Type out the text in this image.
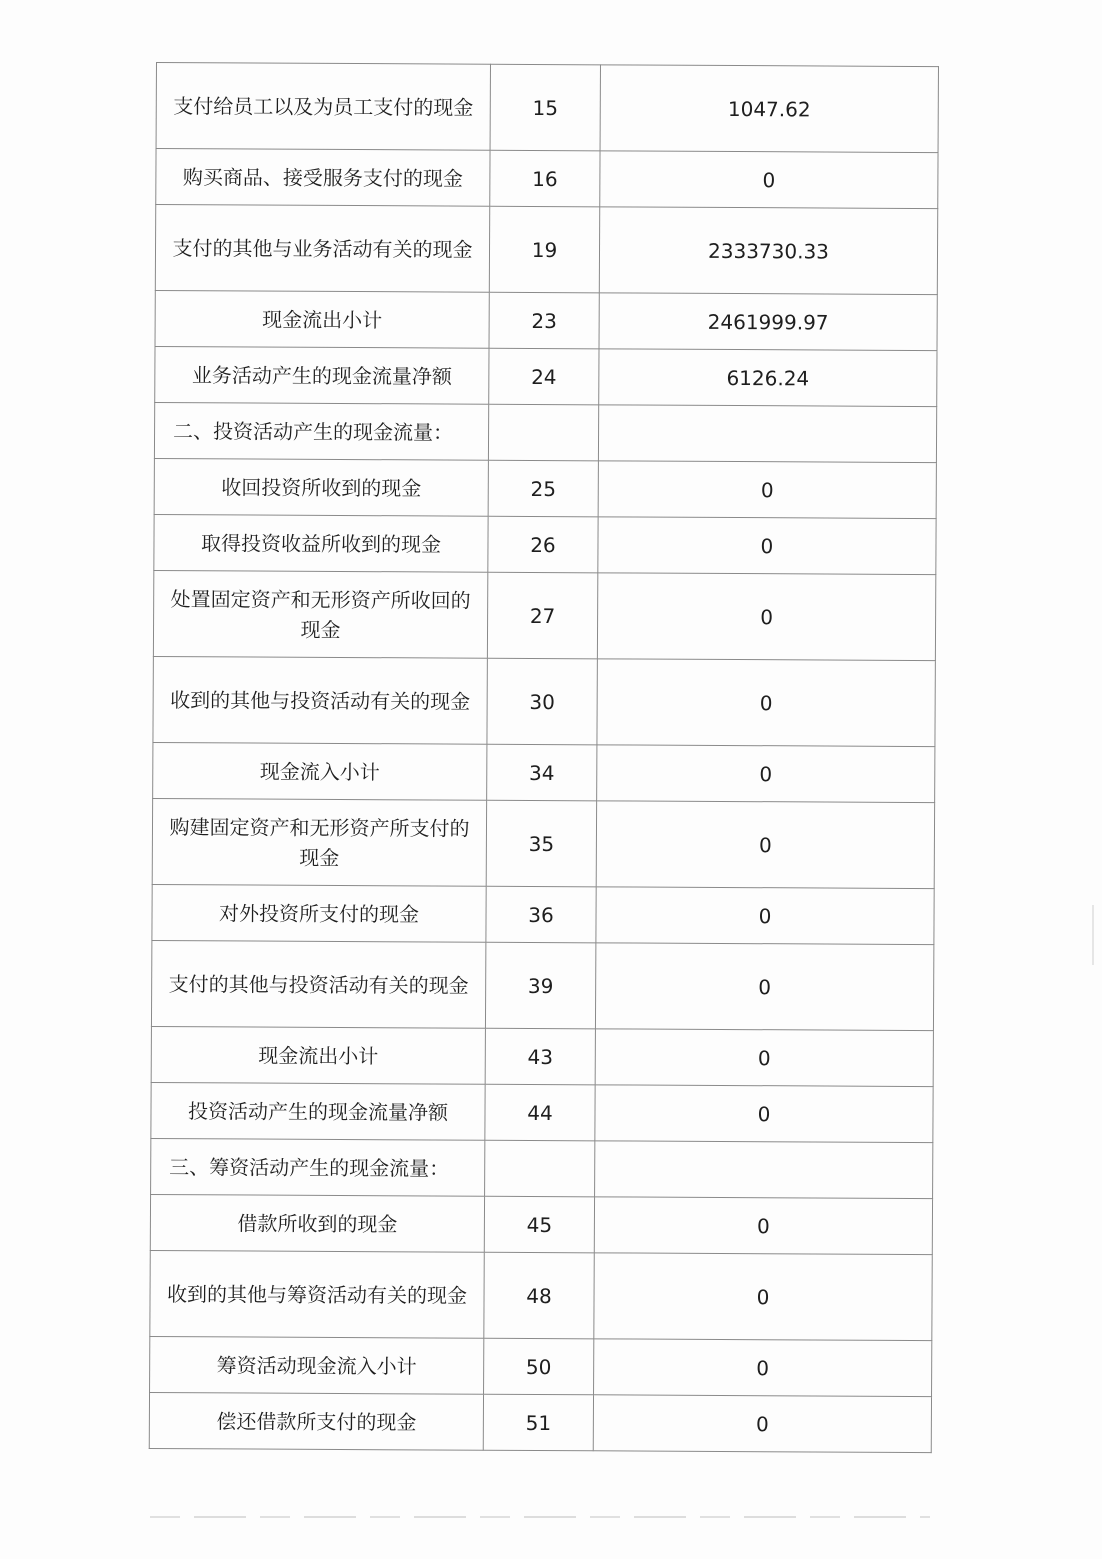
支付给员工以及为员工支付的现金	15	1047.62
购买商品、接受服务支付的现金	16	0
支付的其他与业务活动有关的现金	19	2333730.33
现金流出小计	23	2461999.97
业务活动产生的现金流量净额	24	6126.24
二、投资活动产生的现金流量：		
收回投资所收到的现金	25	0
取得投资收益所收到的现金	26	0
处置固定资产和无形资产所收回的现金	27	0
收到的其他与投资活动有关的现金	30	0
现金流入小计	34	0
购建固定资产和无形资产所支付的现金	35	0
对外投资所支付的现金	36	0
支付的其他与投资活动有关的现金	39	0
现金流出小计	43	0
投资活动产生的现金流量净额	44	0
三、筹资活动产生的现金流量：		
借款所收到的现金	45	0
收到的其他与筹资活动有关的现金	48	0
筹资活动现金流入小计	50	0
偿还借款所支付的现金	51	0
